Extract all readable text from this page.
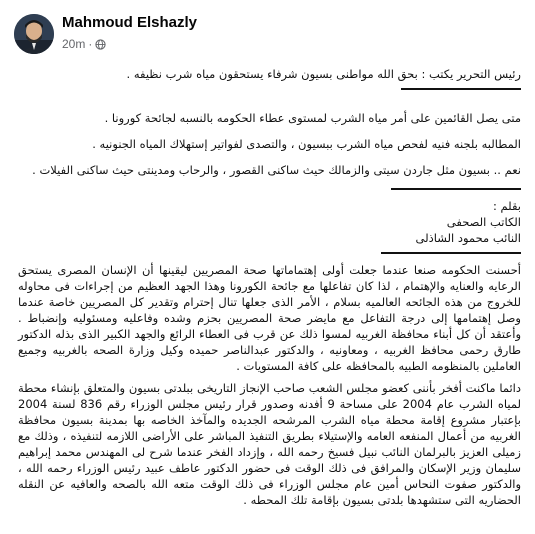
Mahmoud Elshazly
20m ·

رئيس التحرير يكتب : بحق الله مواطنى بسيون شرفاء يستحقون مياه شرب نظيفه .

متى يصل القائمين على أمر مياه الشرب لمستوى عطاء الحكومه بالنسبه لجائحة كورونا .

المطالبه بلجنه فنيه لفحص مياه الشرب ببسيون ، والتصدى لفواتير إستهلاك المياه الجنونيه .

نعم .. بسيون مثل جاردن سيتى والزمالك حيث ساكنى القصور ، والرحاب ومدينتى حيث ساكنى الفيلات .

بقلم :

الكاتب الصحفى

النائب محمود الشاذلى

أحسنت الحكومه صنعا عندما جعلت أولى إهتماماتها صحة المصريين ليقينها أن الإنسان المصرى يستحق الرعايه والعنايه والإهتمام ، لذا كان تفاعلها مع جائحة الكورونا وهذا الجهد العظيم من إجراءات فى محاوله للخروج من هذه الجائحه العالميه بسلام ، الأمر الذى جعلها تنال إحترام وتقدير كل المصريين خاصة عندما وصل إهتمامها إلى درجة التفاعل مع مايضر صحة المصريين بحزم وشده وفاعليه ومسئوليه وإنضباط . وأعتقد أن كل أبناء محافظة الغربيه لمسوا ذلك عن قرب فى العطاء الرائع والجهد الكبير الذى بذله الدكتور طارق رحمى محافظ الغربيه ، ومعاونيه ، والدكتور عبدالناصر حميده وكيل وزارة الصحه بالغربيه وجميع العاملين بالمنظومه الطبيه بالمحافظه على كافة المستويات .

دائما ماكنت أفخر بأننى كعضو مجلس الشعب صاحب الإنجاز التاريخى ببلدتى بسيون والمتعلق بإنشاء محطة لمياه الشرب عام 2004 على مساحة 9 أفدنه وصدور قرار رئيس مجلس الوزراء رقم 836 لسنة 2004 بإعتبار مشروع إقامة محطة مياه الشرب المرشحه الجديده والمآخذ الخاصه بها بمدينة بسيون محافظة الغربيه من أعمال المنفعه العامه والإستيلاء بطريق التنفيذ المباشر على الأراضى اللازمه لتنفيذه ، وذلك مع زميلى العزيز بالبرلمان النائب نبيل فسيخ رحمه الله ، وإزداد الفخر عندما شرح لى المهندس محمد إبراهيم سليمان وزير الإسكان والمرافق فى ذلك الوقت فى حضور الدكتور عاطف عبيد رئيس الوزراء رحمه الله ، والدكتور صفوت النحاس أمين عام مجلس الوزراء فى ذلك الوقت متعه الله بالصحه والعافيه عن النقله الحضاريه التى ستشهدها بلدتى بسيون بإقامة تلك المحطه .
